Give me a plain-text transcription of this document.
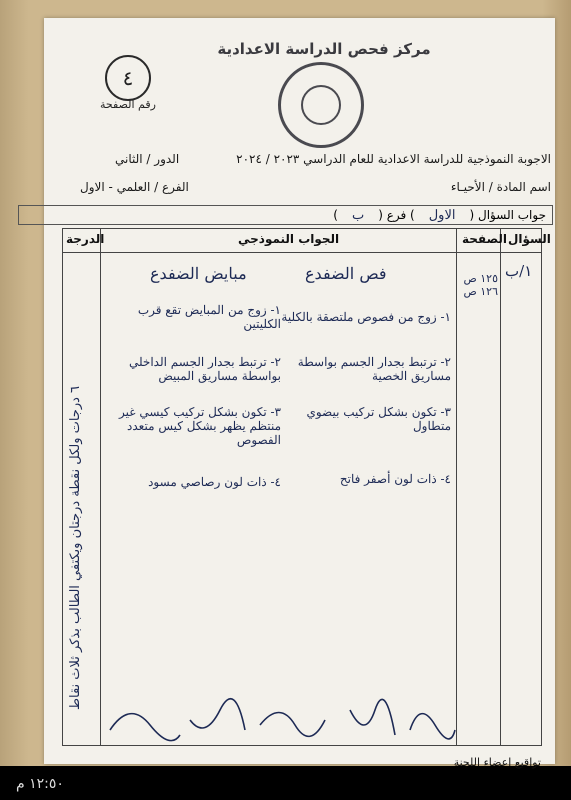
مركز فحص الدراسة الاعدادية
٤
رقم الصفحة
الاجوبة النموذجية للدراسة الاعدادية للعام الدراسي ٢٠٢٣ / ٢٠٢٤
الدور / الثاني
اسم المادة / الأحيـاء
الفرع / العلمي - الاول
جواب السؤال (
الاول
) فرع (
ب
)
السؤال
الصفحة
الجواب النموذجي
الدرجة
١/ب
١٢٥ ص ١٢٦ ص
فص الضفدع
مبايض الضفدع
١- زوج من فصوص ملتصقة بالكلية
٢- ترتبط بجدار الجسم بواسطة مساريق الخصية
٣- تكون بشكل تركيب بيضوي متطاول
٤- ذات لون أصفر فاتح
١- زوج من المبايض تقع قرب الكليتين
٢- ترتبط بجدار الجسم الداخلي بواسطة مساريق المبيض
٣- تكون بشكل تركيب كيسي غير منتظم يظهر بشكل كيس متعدد الفصوص
٤- ذات لون رصاصي مسود
٦ درجات ولكل نقطة درجتان ويكتفي الطالب بذكر ثلاث نقاط
تواقيع اعضاء اللجنة
١٢:٥٠ م
